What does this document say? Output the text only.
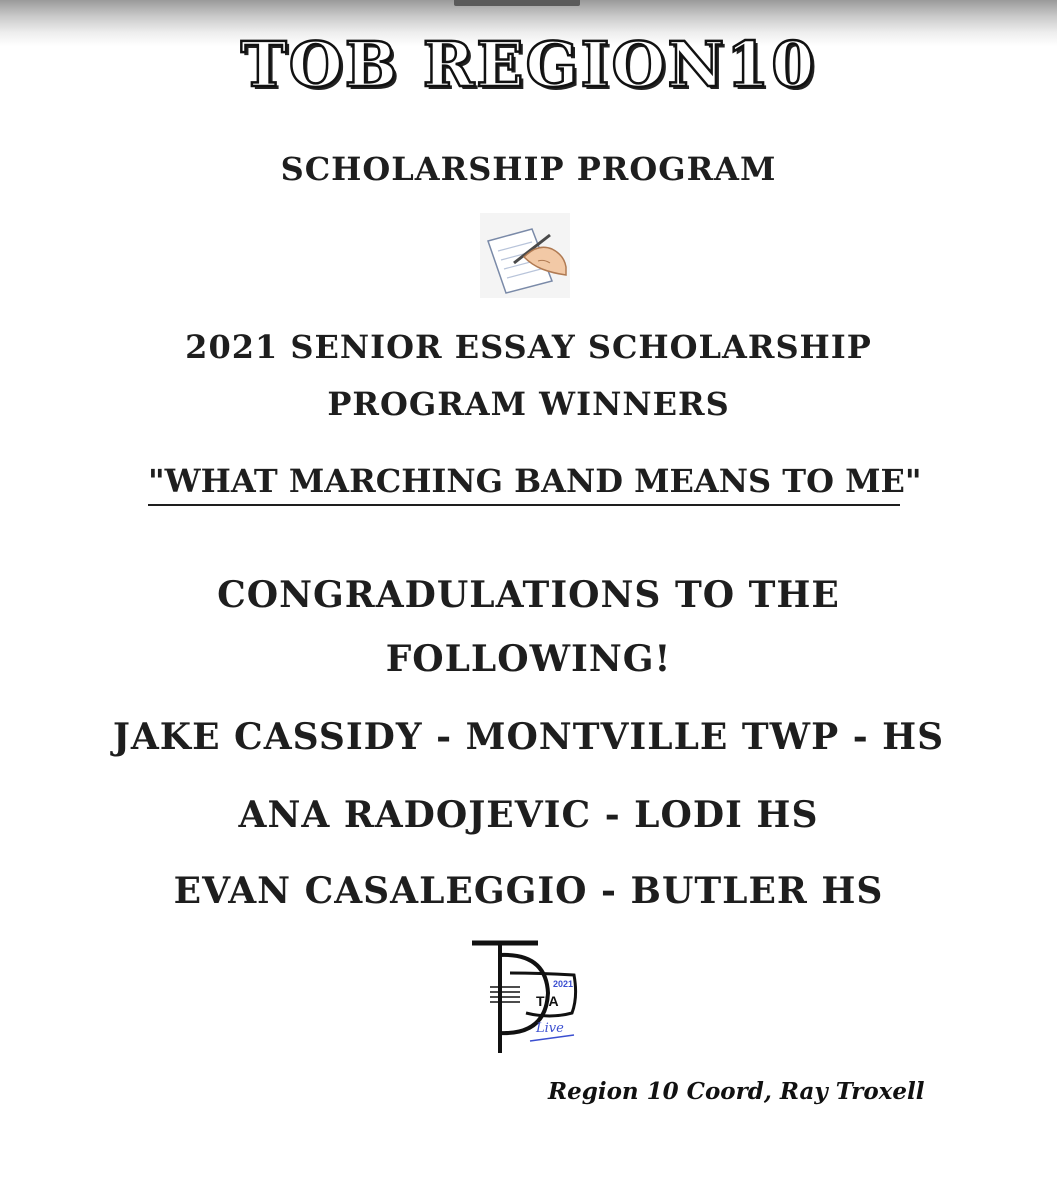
TOB REGION10
SCHOLARSHIP PROGRAM
2021 SENIOR ESSAY SCHOLARSHIP
PROGRAM WINNERS
"WHAT MARCHING BAND MEANS TO ME"
CONGRADULATIONS TO THE
FOLLOWING!
JAKE CASSIDY - MONTVILLE TWP - HS
ANA RADOJEVIC - LODI HS
EVAN CASALEGGIO - BUTLER HS
2021
TIA
Live
Region 10 Coord, Ray Troxell
